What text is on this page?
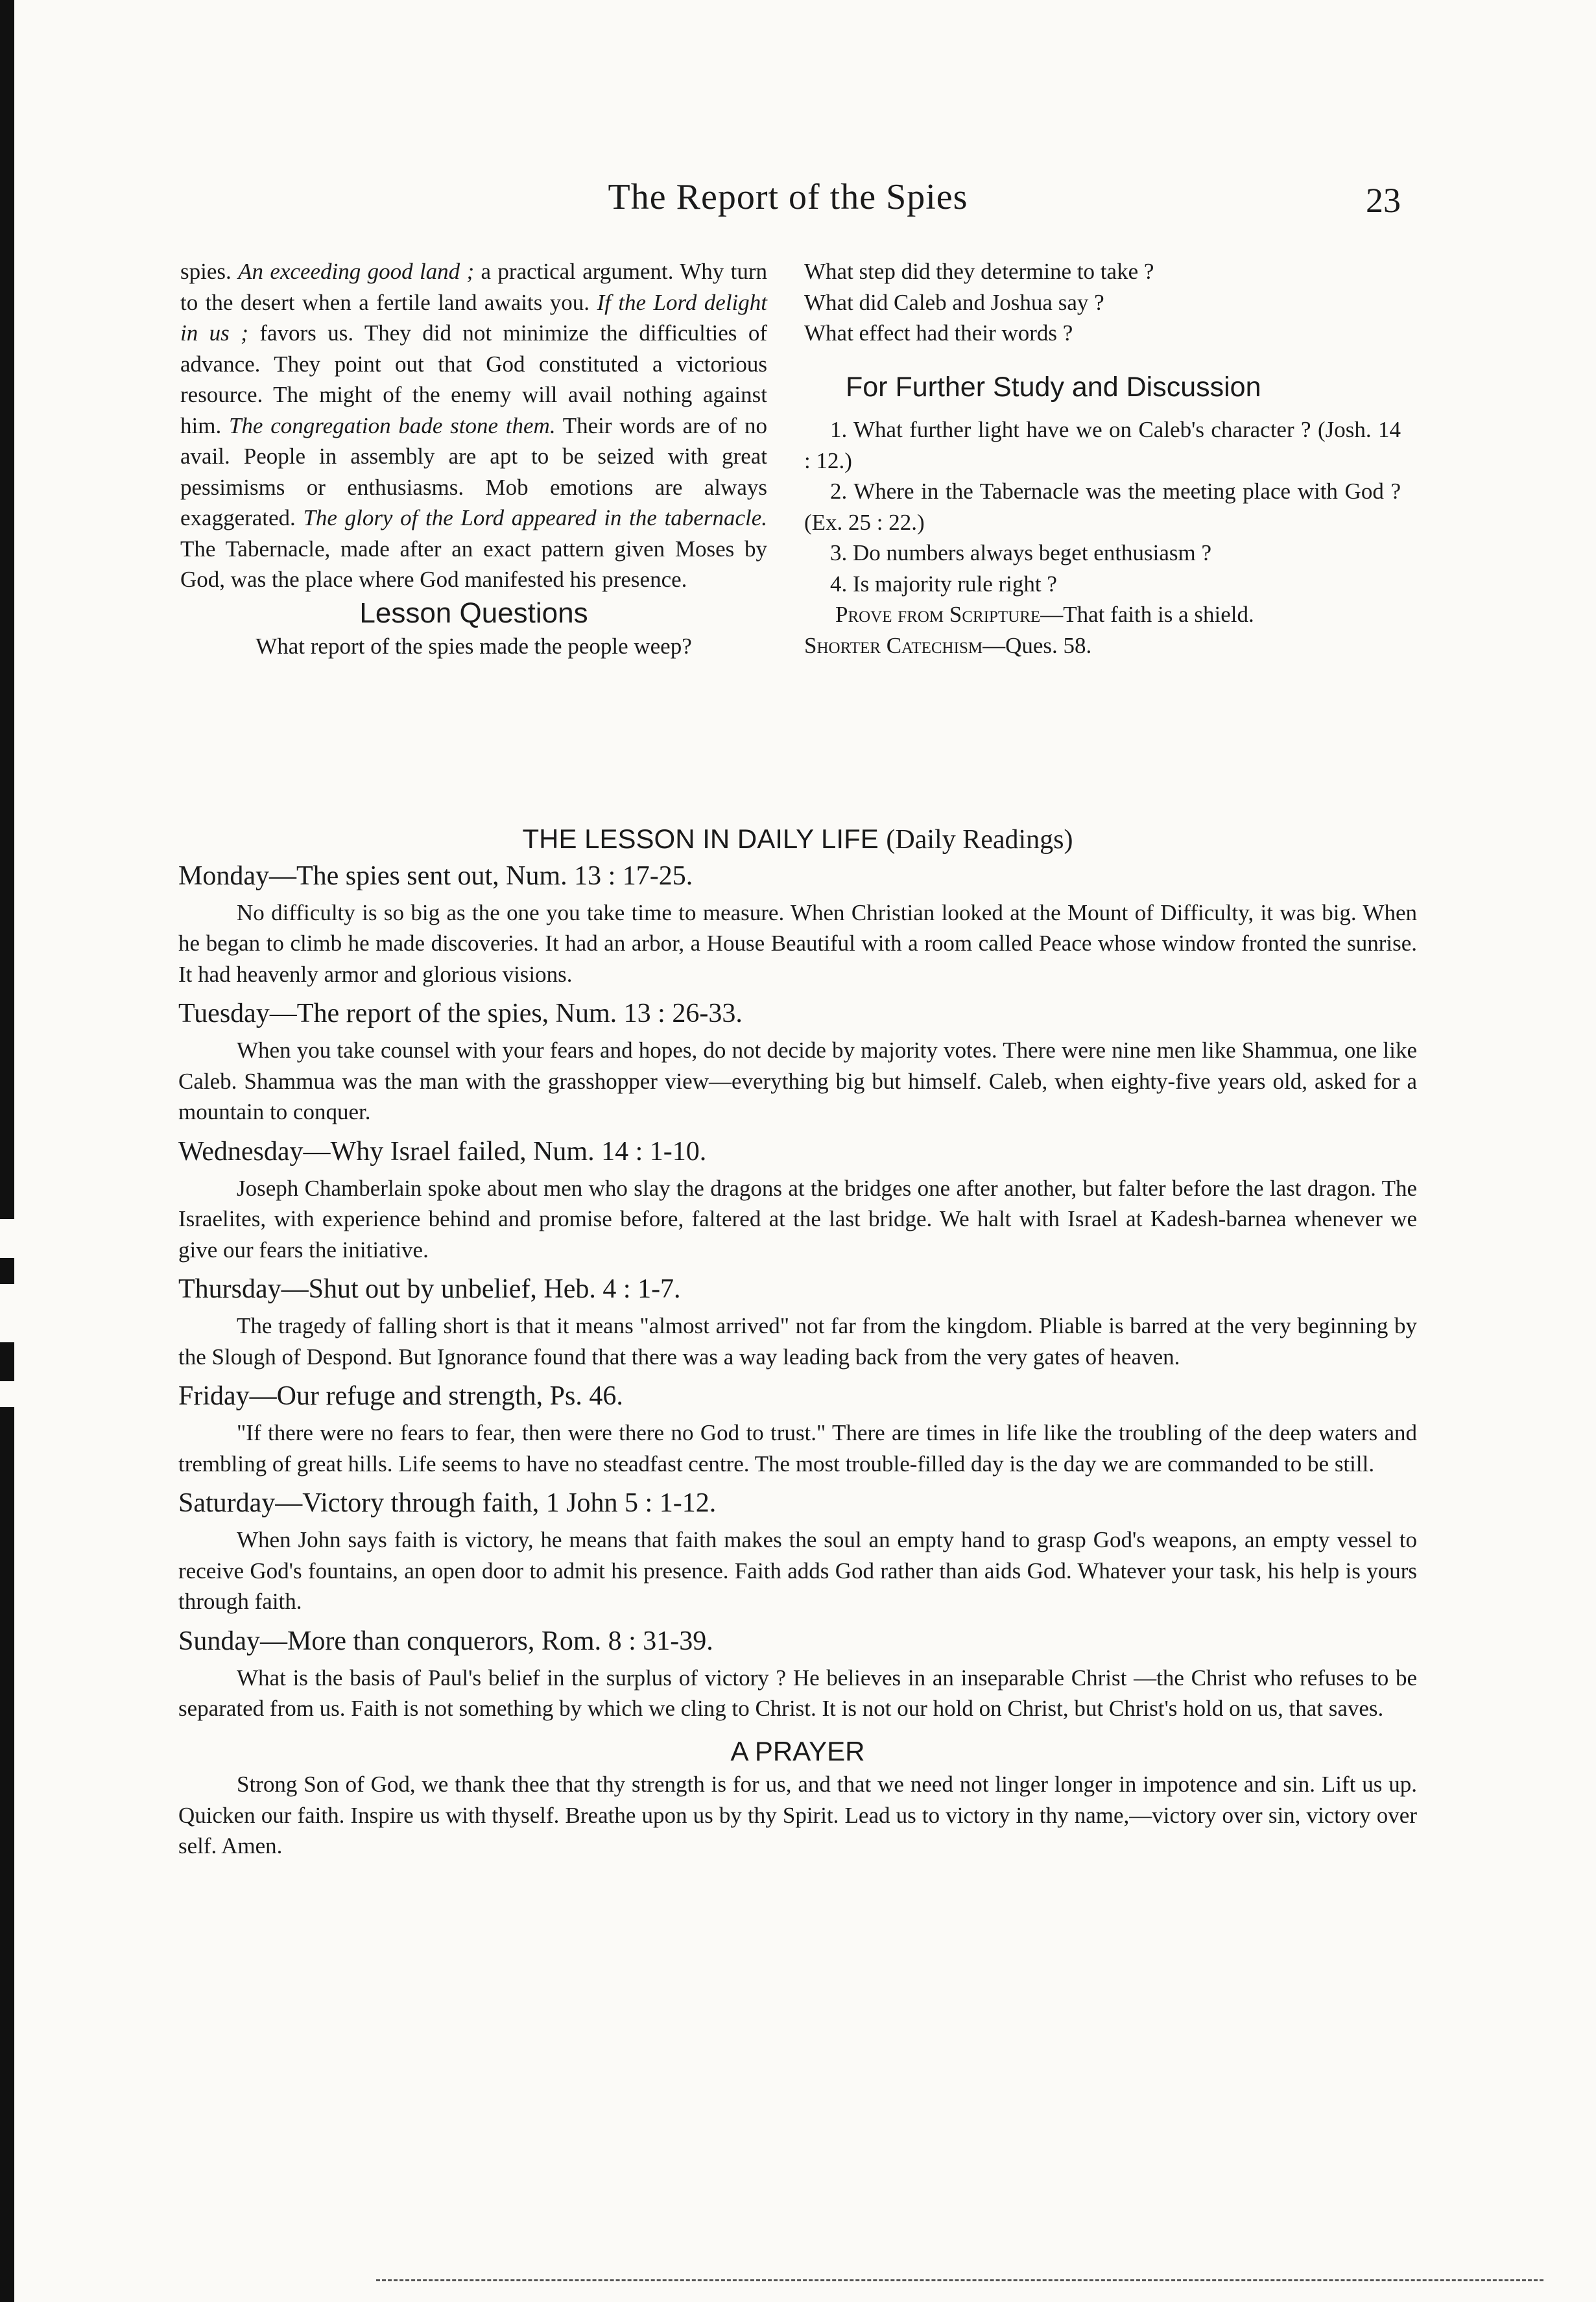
The Report of the Spies	23

spies. An exceeding good land ; a practical argument. Why turn to the desert when a fertile land awaits you. If the Lord delight in us ; favors us. They did not minimize the difficulties of advance. They point out that God constituted a victorious resource. The might of the enemy will avail nothing against him. The congregation bade stone them. Their words are of no avail. People in assembly are apt to be seized with great pessimisms or enthusiasms. Mob emotions are always exaggerated. The glory of the Lord appeared in the tabernacle. The Tabernacle, made after an exact pattern given Moses by God, was the place where God manifested his presence.

Lesson Questions

What report of the spies made the people weep?

What step did they determine to take ?

What did Caleb and Joshua say ?

What effect had their words ?

For Further Study and Discussion

1. What further light have we on Caleb's character ? (Josh. 14 : 12.)

2. Where in the Tabernacle was the meeting place with God ? (Ex. 25 : 22.)

3. Do numbers always beget enthusiasm ?

4. Is majority rule right ?

Prove from Scripture—That faith is a shield.

Shorter Catechism—Ques. 58.

THE LESSON IN DAILY LIFE (Daily Readings)

Monday—The spies sent out, Num. 13 : 17-25.

No difficulty is so big as the one you take time to measure. When Christian looked at the Mount of Difficulty, it was big. When he began to climb he made discoveries. It had an arbor, a House Beautiful with a room called Peace whose window fronted the sunrise. It had heavenly armor and glorious visions.

Tuesday—The report of the spies, Num. 13 : 26-33.

When you take counsel with your fears and hopes, do not decide by majority votes. There were nine men like Shammua, one like Caleb. Shammua was the man with the grasshopper view—everything big but himself. Caleb, when eighty-five years old, asked for a mountain to conquer.

Wednesday—Why Israel failed, Num. 14 : 1-10.

Joseph Chamberlain spoke about men who slay the dragons at the bridges one after another, but falter before the last dragon. The Israelites, with experience behind and promise before, faltered at the last bridge. We halt with Israel at Kadesh-barnea whenever we give our fears the initiative.

Thursday—Shut out by unbelief, Heb. 4 : 1-7.

The tragedy of falling short is that it means "almost arrived" not far from the kingdom. Pliable is barred at the very beginning by the Slough of Despond. But Ignorance found that there was a way leading back from the very gates of heaven.

Friday—Our refuge and strength, Ps. 46.

"If there were no fears to fear, then were there no God to trust." There are times in life like the troubling of the deep waters and trembling of great hills. Life seems to have no steadfast centre. The most trouble-filled day is the day we are commanded to be still.

Saturday—Victory through faith, 1 John 5 : 1-12.

When John says faith is victory, he means that faith makes the soul an empty hand to grasp God's weapons, an empty vessel to receive God's fountains, an open door to admit his presence. Faith adds God rather than aids God. Whatever your task, his help is yours through faith.

Sunday—More than conquerors, Rom. 8 : 31-39.

What is the basis of Paul's belief in the surplus of victory ? He believes in an inseparable Christ —the Christ who refuses to be separated from us. Faith is not something by which we cling to Christ. It is not our hold on Christ, but Christ's hold on us, that saves.

A PRAYER

Strong Son of God, we thank thee that thy strength is for us, and that we need not linger longer in impotence and sin. Lift us up. Quicken our faith. Inspire us with thyself. Breathe upon us by thy Spirit. Lead us to victory in thy name,—victory over sin, victory over self. Amen.
